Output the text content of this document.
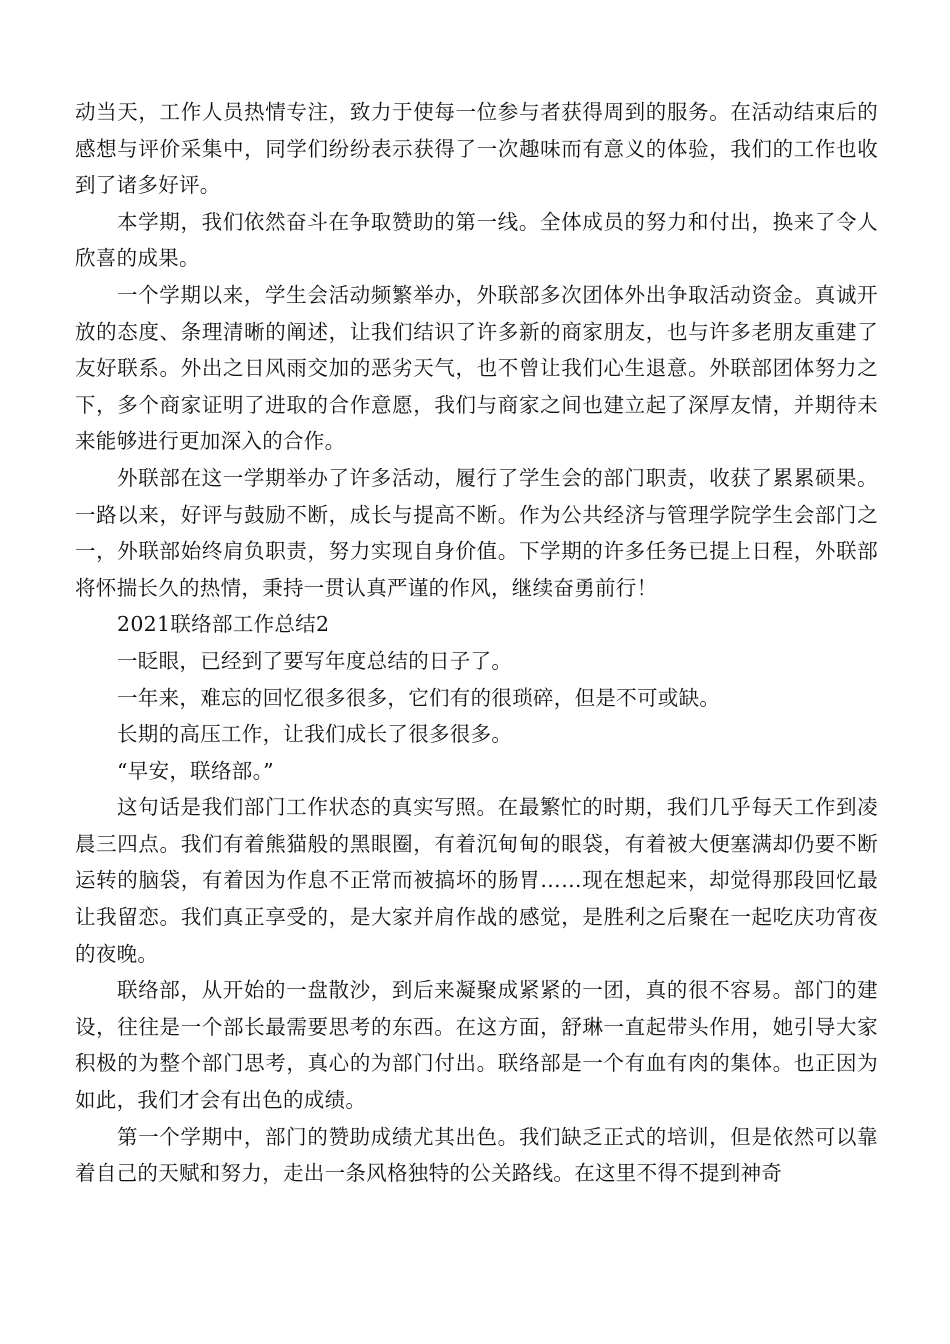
动当天，工作人员热情专注，致力于使每一位参与者获得周到的服务。在活动结束后的感想与评价采集中，同学们纷纷表示获得了一次趣味而有意义的体验，我们的工作也收到了诸多好评。

本学期，我们依然奋斗在争取赞助的第一线。全体成员的努力和付出，换来了令人欣喜的成果。

一个学期以来，学生会活动频繁举办，外联部多次团体外出争取活动资金。真诚开放的态度、条理清晰的阐述，让我们结识了许多新的商家朋友，也与许多老朋友重建了友好联系。外出之日风雨交加的恶劣天气，也不曾让我们心生退意。外联部团体努力之下，多个商家证明了进取的合作意愿，我们与商家之间也建立起了深厚友情，并期待未来能够进行更加深入的合作。

外联部在这一学期举办了许多活动，履行了学生会的部门职责，收获了累累硕果。一路以来，好评与鼓励不断，成长与提高不断。作为公共经济与管理学院学生会部门之一，外联部始终肩负职责，努力实现自身价值。下学期的许多任务已提上日程，外联部将怀揣长久的热情，秉持一贯认真严谨的作风，继续奋勇前行！

2021联络部工作总结2

一眨眼，已经到了要写年度总结的日子了。

一年来，难忘的回忆很多很多，它们有的很琐碎，但是不可或缺。

长期的高压工作，让我们成长了很多很多。

“早安，联络部。”

这句话是我们部门工作状态的真实写照。在最繁忙的时期，我们几乎每天工作到凌晨三四点。我们有着熊猫般的黑眼圈，有着沉甸甸的眼袋，有着被大便塞满却仍要不断运转的脑袋，有着因为作息不正常而被搞坏的肠胃……现在想起来，却觉得那段回忆最让我留恋。我们真正享受的，是大家并肩作战的感觉，是胜利之后聚在一起吃庆功宵夜的夜晚。

联络部，从开始的一盘散沙，到后来凝聚成紧紧的一团，真的很不容易。部门的建设，往往是一个部长最需要思考的东西。在这方面，舒琳一直起带头作用，她引导大家积极的为整个部门思考，真心的为部门付出。联络部是一个有血有肉的集体。也正因为如此，我们才会有出色的成绩。

第一个学期中，部门的赞助成绩尤其出色。我们缺乏正式的培训，但是依然可以靠着自己的天赋和努力，走出一条风格独特的公关路线。在这里不得不提到神奇
